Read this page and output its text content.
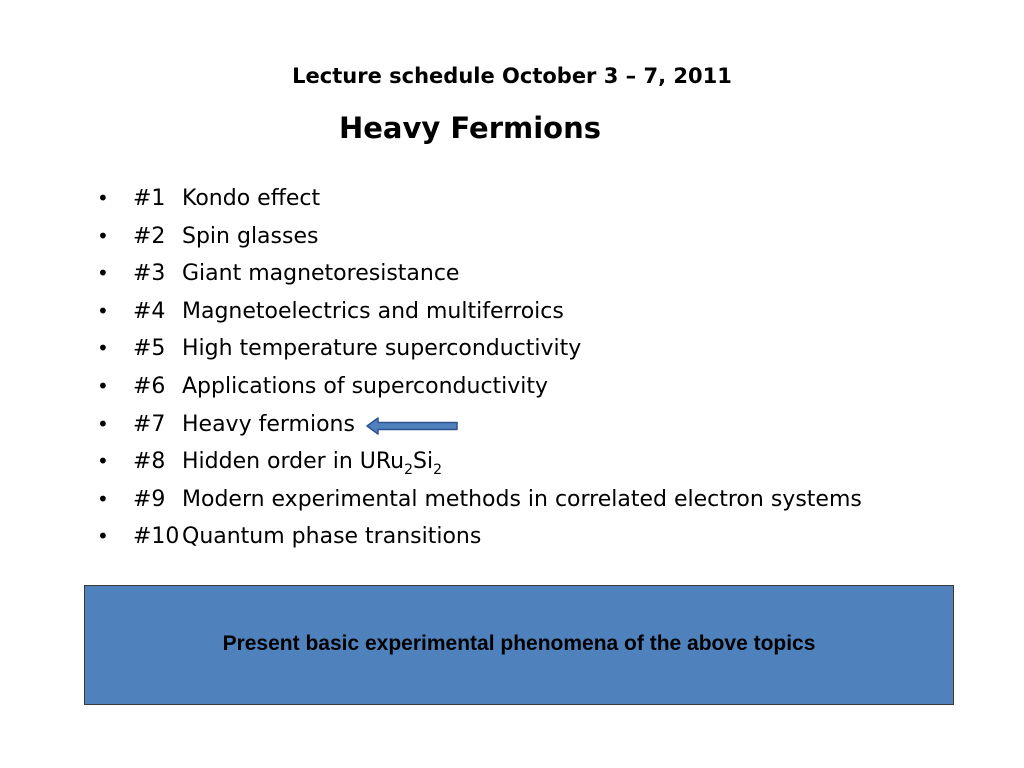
Lecture schedule October 3 – 7, 2011
Heavy Fermions
• #1 Kondo effect
• #2 Spin glasses
• #3 Giant magnetoresistance
• #4 Magnetoelectrics and multiferroics
• #5 High temperature superconductivity
• #6 Applications of superconductivity
• #7 Heavy fermions
• #8 Hidden order in $URu_2Si_2$
• #9 Modern experimental methods in correlated electron systems
• #10 Quantum phase transitions
Present basic experimental phenomena of the above topics
